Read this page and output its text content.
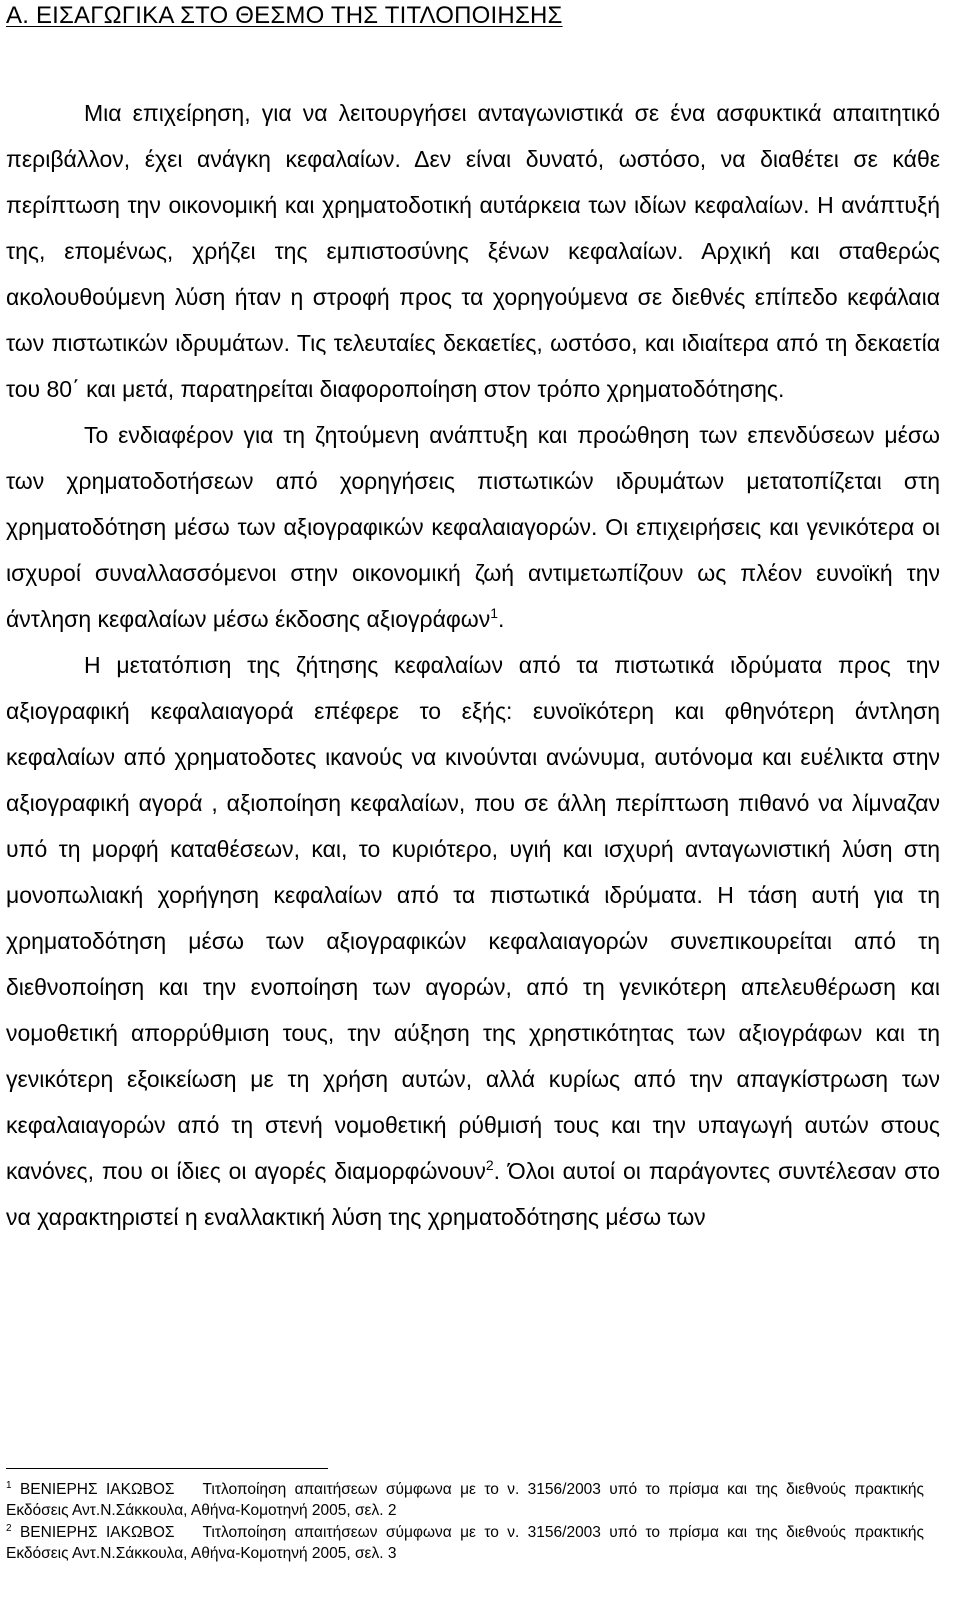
Α. ΕΙΣΑΓΩΓΙΚΑ ΣΤΟ ΘΕΣΜΟ ΤΗΣ ΤΙΤΛΟΠΟΙΗΣΗΣ

Μια επιχείρηση, για να λειτουργήσει ανταγωνιστικά σε ένα ασφυκτικά απαιτητικό περιβάλλον, έχει ανάγκη κεφαλαίων. Δεν είναι δυνατό, ωστόσο, να διαθέτει σε κάθε περίπτωση την οικονομική και χρηματοδοτική αυτάρκεια των ιδίων κεφαλαίων. Η ανάπτυξή της, επομένως, χρήζει της εμπιστοσύνης ξένων κεφαλαίων. Αρχική και σταθερώς ακολουθούμενη λύση ήταν η στροφή προς τα χορηγούμενα σε διεθνές επίπεδο κεφάλαια των πιστωτικών ιδρυμάτων. Τις τελευταίες δεκαετίες, ωστόσο, και ιδιαίτερα από τη δεκαετία του 80΄ και μετά, παρατηρείται διαφοροποίηση στον τρόπο χρηματοδότησης.

Το ενδιαφέρον για τη ζητούμενη ανάπτυξη και προώθηση των επενδύσεων μέσω των χρηματοδοτήσεων από χορηγήσεις πιστωτικών ιδρυμάτων μετατοπίζεται στη χρηματοδότηση μέσω των αξιογραφικών κεφαλαιαγορών. Οι επιχειρήσεις και γενικότερα οι ισχυροί συναλλασσόμενοι στην οικονομική ζωή αντιμετωπίζουν ως πλέον ευνοϊκή την άντληση κεφαλαίων μέσω έκδοσης αξιογράφων$^1$.

Η μετατόπιση της ζήτησης κεφαλαίων από τα πιστωτικά ιδρύματα προς την αξιογραφική κεφαλαιαγορά επέφερε το εξής: ευνοϊκότερη και φθηνότερη άντληση κεφαλαίων από χρηματοδοτες ικανούς να κινούνται ανώνυμα, αυτόνομα και ευέλικτα στην αξιογραφική αγορά , αξιοποίηση κεφαλαίων, που σε άλλη περίπτωση πιθανό να λίμναζαν υπό τη μορφή καταθέσεων, και, το κυριότερο, υγιή και ισχυρή ανταγωνιστική λύση στη μονοπωλιακή χορήγηση κεφαλαίων από τα πιστωτικά ιδρύματα. Η τάση αυτή για τη χρηματοδότηση μέσω των αξιογραφικών κεφαλαιαγορών συνεπικουρείται από τη διεθνοποίηση και την ενοποίηση των αγορών, από τη γενικότερη απελευθέρωση και νομοθετική απορρύθμιση τους, την αύξηση της χρηστικότητας των αξιογράφων και τη γενικότερη εξοικείωση με τη χρήση αυτών, αλλά κυρίως από την απαγκίστρωση των κεφαλαιαγορών από τη στενή νομοθετική ρύθμισή τους και την υπαγωγή αυτών στους κανόνες, που οι ίδιες οι αγορές διαμορφώνουν$^2$. Όλοι αυτοί οι παράγοντες συντέλεσαν στο να χαρακτηριστεί η εναλλακτική λύση της χρηματοδότησης μέσω των

$^1$ ΒΕΝΙΕΡΗΣ ΙΑΚΩΒΟΣ Τιτλοποίηση απαιτήσεων σύμφωνα με το ν. 3156/2003 υπό το πρίσμα και της διεθνούς πρακτικήςΕκδόσεις Αντ.Ν.Σάκκουλα, Αθήνα-Κομοτηνή 2005, σελ. 2

$^2$ ΒΕΝΙΕΡΗΣ ΙΑΚΩΒΟΣ Τιτλοποίηση απαιτήσεων σύμφωνα με το ν. 3156/2003 υπό το πρίσμα και της διεθνούς πρακτικήςΕκδόσεις Αντ.Ν.Σάκκουλα, Αθήνα-Κομοτηνή 2005, σελ. 3
